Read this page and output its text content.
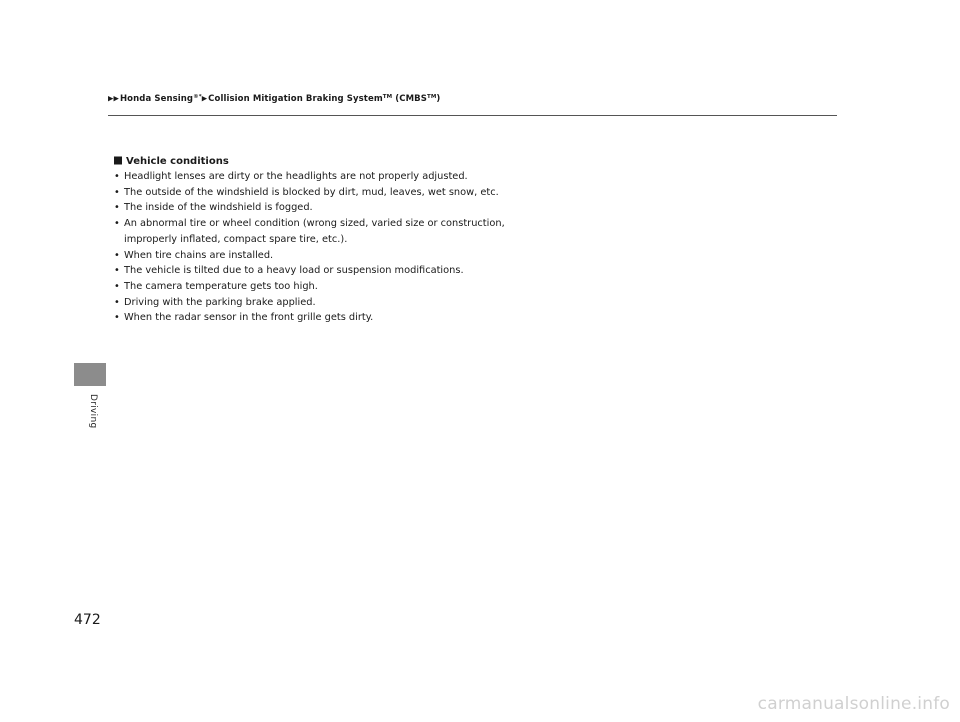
▶▶Honda Sensing®*▶Collision Mitigation Braking System™ (CMBS™)
Driving

Vehicle conditions

• Headlight lenses are dirty or the headlights are not properly adjusted.
• The outside of the windshield is blocked by dirt, mud, leaves, wet snow, etc.
• The inside of the windshield is fogged.
• An abnormal tire or wheel condition (wrong sized, varied size or construction,
improperly inflated, compact spare tire, etc.).
• When tire chains are installed.
• The vehicle is tilted due to a heavy load or suspension modifications.
• The camera temperature gets too high.
• Driving with the parking brake applied.
• When the radar sensor in the front grille gets dirty.
472
carmanualsonline.info
